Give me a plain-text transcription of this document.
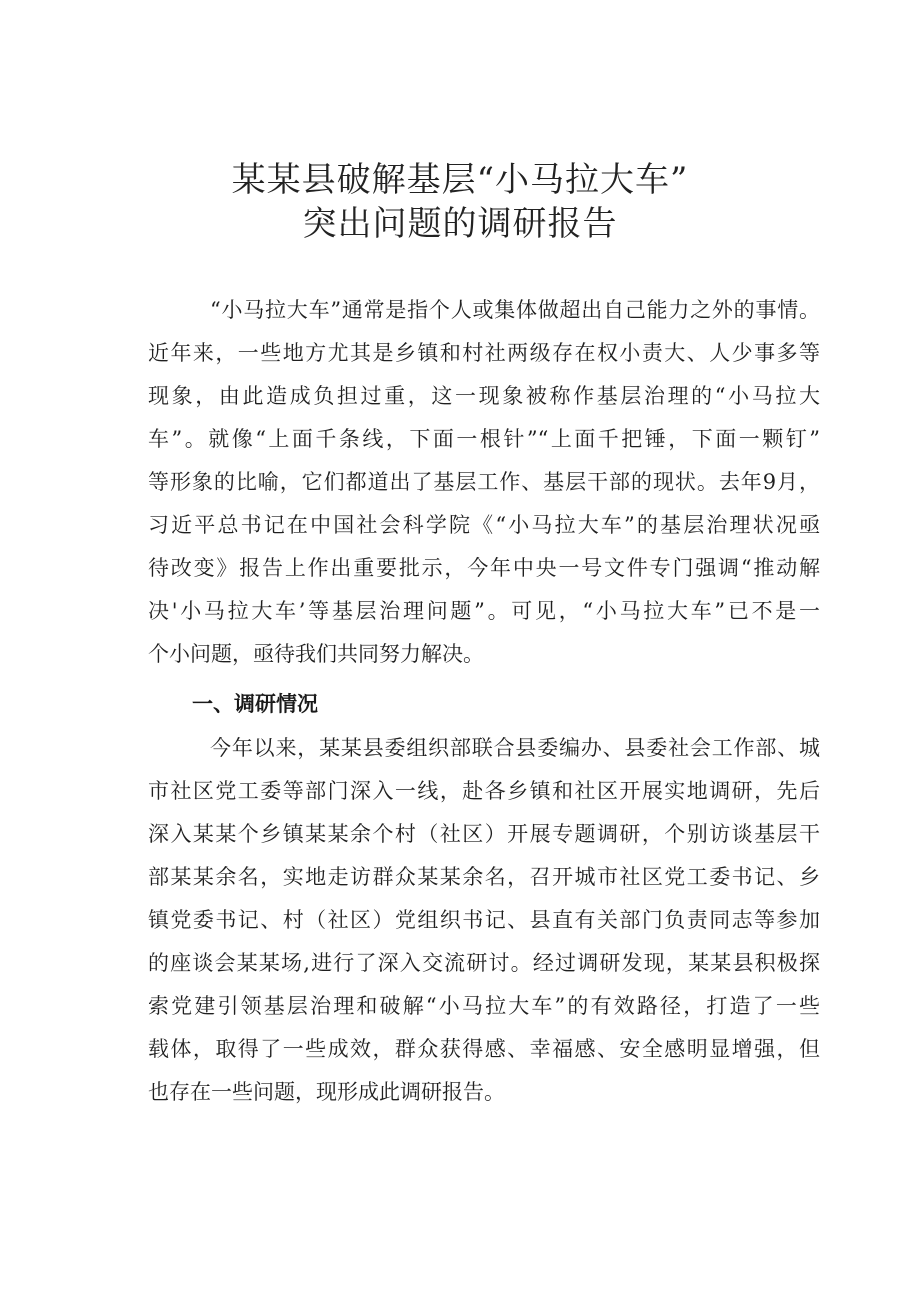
某某县破解基层“小马拉大车”
突出问题的调研报告
“小马拉大车”通常是指个人或集体做超出自己能力之外的事情。
近年来，一些地方尤其是乡镇和村社两级存在权小责大、人少事多等
现象，由此造成负担过重，这一现象被称作基层治理的“小马拉大
车”。就像“上面千条线，下面一根针”“上面千把锤，下面一颗钉”
等形象的比喻，它们都道出了基层工作、基层干部的现状。去年9月，
习近平总书记在中国社会科学院《“小马拉大车”的基层治理状况亟
待改变》报告上作出重要批示，今年中央一号文件专门强调“推动解
决'小马拉大车’等基层治理问题”。可见，“小马拉大车”已不是一
个小问题，亟待我们共同努力解决。
一、调研情况
今年以来，某某县委组织部联合县委编办、县委社会工作部、城
市社区党工委等部门深入一线，赴各乡镇和社区开展实地调研，先后
深入某某个乡镇某某余个村（社区）开展专题调研，个别访谈基层干
部某某余名，实地走访群众某某余名，召开城市社区党工委书记、乡
镇党委书记、村（社区）党组织书记、县直有关部门负责同志等参加
的座谈会某某场,进行了深入交流研讨。经过调研发现，某某县积极探
索党建引领基层治理和破解“小马拉大车”的有效路径，打造了一些
载体，取得了一些成效，群众获得感、幸福感、安全感明显增强，但
也存在一些问题，现形成此调研报告。
